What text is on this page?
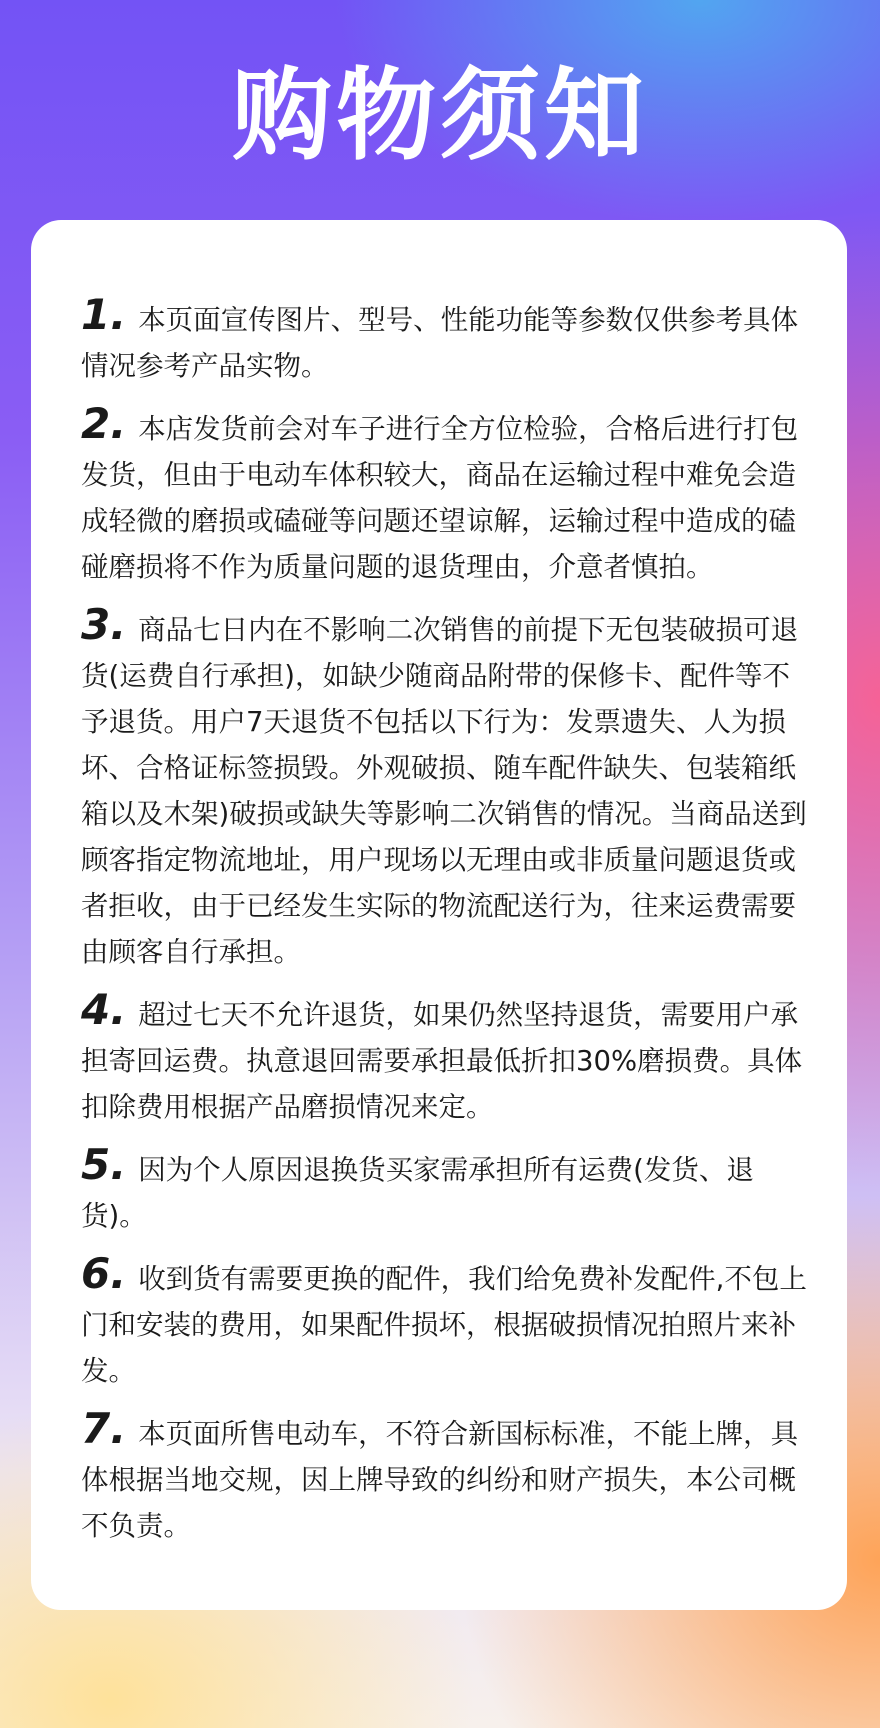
购物须知

1. 本页面宣传图片、型号、性能功能等参数仅供参考具体情况参考产品实物。

2. 本店发货前会对车子进行全方位检验，合格后进行打包发货，但由于电动车体积较大，商品在运输过程中难免会造成轻微的磨损或磕碰等问题还望谅解，运输过程中造成的磕碰磨损将不作为质量问题的退货理由，介意者慎拍。

3. 商品七日内在不影响二次销售的前提下无包装破损可退货(运费自行承担)，如缺少随商品附带的保修卡、配件等不予退货。用户7天退货不包括以下行为：发票遗失、人为损坏、合格证标签损毁。外观破损、随车配件缺失、包装箱纸箱以及木架)破损或缺失等影响二次销售的情况。当商品送到顾客指定物流地址，用户现场以无理由或非质量问题退货或者拒收，由于已经发生实际的物流配送行为，往来运费需要由顾客自行承担。

4. 超过七天不允许退货，如果仍然坚持退货，需要用户承担寄回运费。执意退回需要承担最低折扣30%磨损费。具体扣除费用根据产品磨损情况来定。

5. 因为个人原因退换货买家需承担所有运费(发货、退货)。

6. 收到货有需要更换的配件，我们给免费补发配件,不包上门和安装的费用，如果配件损坏，根据破损情况拍照片来补发。

7. 本页面所售电动车，不符合新国标标准，不能上牌，具体根据当地交规，因上牌导致的纠纷和财产损失，本公司概不负责。
